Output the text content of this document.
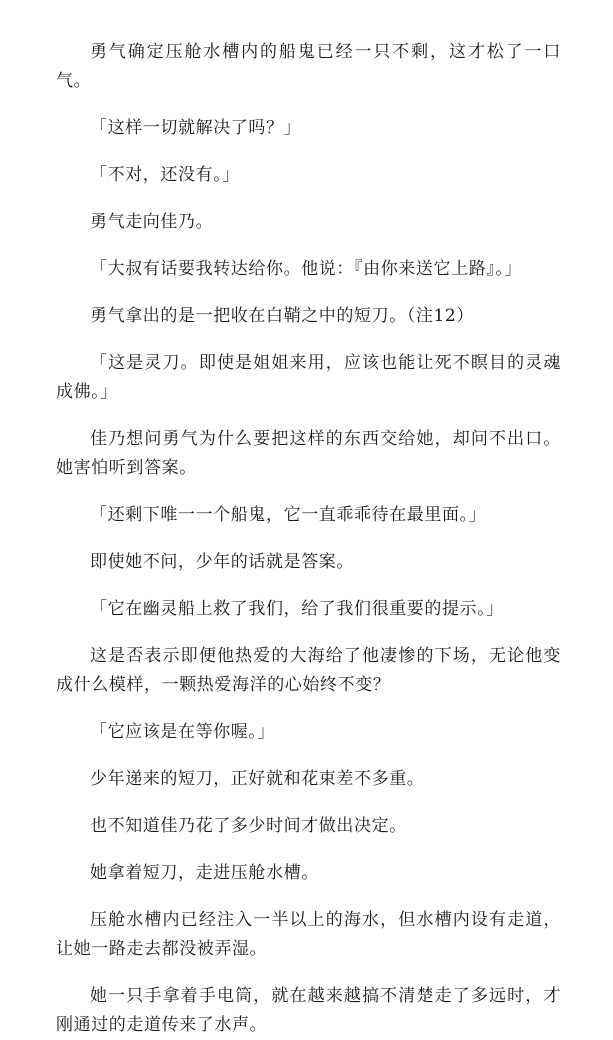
勇气确定压舱水槽内的船鬼已经一只不剩，这才松了一口气。

「这样一切就解决了吗？」

「不对，还没有。」

勇气走向佳乃。

「大叔有话要我转达给你。他说：『由你来送它上路』。」

勇气拿出的是一把收在白鞘之中的短刀。（注12）

「这是灵刀。即使是姐姐来用，应该也能让死不瞑目的灵魂成佛。」

佳乃想问勇气为什么要把这样的东西交给她，却问不出口。她害怕听到答案。

「还剩下唯一一个船鬼，它一直乖乖待在最里面。」

即使她不问，少年的话就是答案。

「它在幽灵船上救了我们，给了我们很重要的提示。」

这是否表示即便他热爱的大海给了他凄惨的下场，无论他变成什么模样，一颗热爱海洋的心始终不变？

「它应该是在等你喔。」

少年递来的短刀，正好就和花束差不多重。

也不知道佳乃花了多少时间才做出决定。

她拿着短刀，走进压舱水槽。

压舱水槽内已经注入一半以上的海水，但水槽内设有走道，让她一路走去都没被弄湿。

她一只手拿着手电筒，就在越来越搞不清楚走了多远时，才刚通过的走道传来了水声。
